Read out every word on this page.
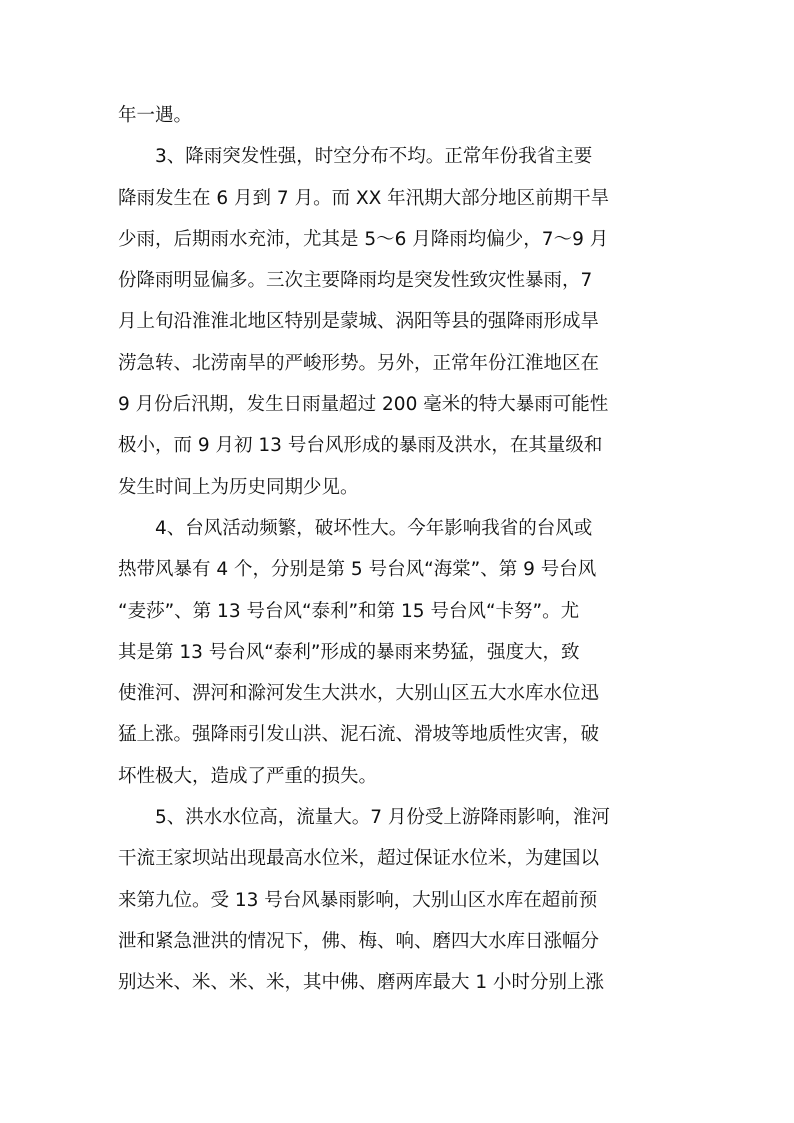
年一遇。

3、降雨突发性强，时空分布不均。正常年份我省主要
降雨发生在 6 月到 7 月。而 XX 年汛期大部分地区前期干旱
少雨，后期雨水充沛，尤其是 5～6 月降雨均偏少，7～9 月
份降雨明显偏多。三次主要降雨均是突发性致灾性暴雨，7
月上旬沿淮淮北地区特别是蒙城、涡阳等县的强降雨形成旱
涝急转、北涝南旱的严峻形势。另外，正常年份江淮地区在
9 月份后汛期，发生日雨量超过 200 毫米的特大暴雨可能性
极小，而 9 月初 13 号台风形成的暴雨及洪水，在其量级和
发生时间上为历史同期少见。

4、台风活动频繁，破坏性大。今年影响我省的台风或
热带风暴有 4 个，分别是第 5 号台风“海棠”、第 9 号台风
“麦莎”、第 13 号台风“泰利”和第 15 号台风“卡努”。尤
其是第 13 号台风“泰利”形成的暴雨来势猛，强度大，致
使淮河、淠河和滁河发生大洪水，大别山区五大水库水位迅
猛上涨。强降雨引发山洪、泥石流、滑坡等地质性灾害，破
坏性极大，造成了严重的损失。

5、洪水水位高，流量大。7 月份受上游降雨影响，淮河
干流王家坝站出现最高水位米，超过保证水位米，为建国以
来第九位。受 13 号台风暴雨影响，大别山区水库在超前预
泄和紧急泄洪的情况下，佛、梅、响、磨四大水库日涨幅分
别达米、米、米、米，其中佛、磨两库最大 1 小时分别上涨
